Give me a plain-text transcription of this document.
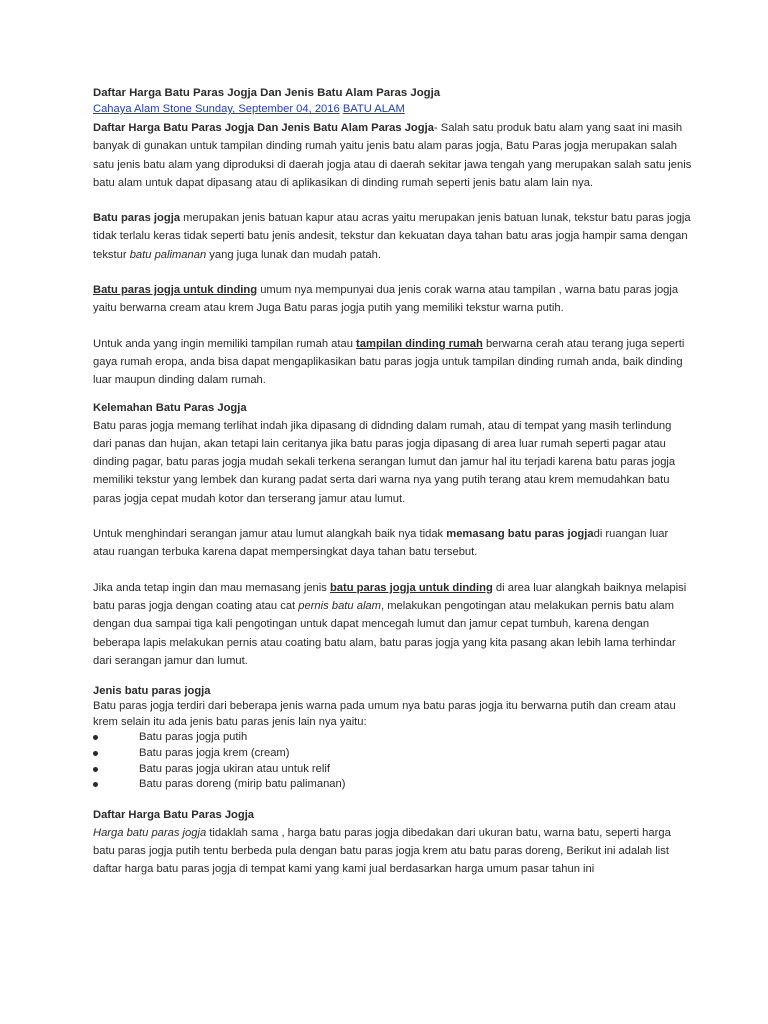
Daftar Harga Batu Paras Jogja Dan Jenis Batu Alam Paras Jogja

Cahaya Alam Stone Sunday, September 04, 2016 BATU ALAM

Daftar Harga Batu Paras Jogja Dan Jenis Batu Alam Paras Jogja- Salah satu produk batu alam yang saat ini masih banyak di gunakan untuk tampilan dinding rumah yaitu jenis batu alam paras jogja, Batu Paras jogja merupakan salah satu jenis batu alam yang diproduksi di daerah jogja atau di daerah sekitar jawa tengah yang merupakan salah satu jenis batu alam untuk dapat dipasang atau di aplikasikan di dinding rumah seperti jenis batu alam lain nya.

Batu paras jogja merupakan jenis batuan kapur atau acras yaitu merupakan jenis batuan lunak, tekstur batu paras jogja tidak terlalu keras tidak seperti batu jenis andesit, tekstur dan kekuatan daya tahan batu aras jogja hampir sama dengan tekstur batu palimanan yang juga lunak dan mudah patah.

Batu paras jogja untuk dinding umum nya mempunyai dua jenis corak warna atau tampilan , warna batu paras jogja yaitu berwarna cream atau krem Juga Batu paras jogja putih yang memiliki tekstur warna putih.

Untuk anda yang ingin memiliki tampilan rumah atau tampilan dinding rumah berwarna cerah atau terang juga seperti gaya rumah eropa, anda bisa dapat mengaplikasikan batu paras jogja untuk tampilan dinding rumah anda, baik dinding luar maupun dinding dalam rumah.

Kelemahan Batu Paras Jogja

Batu paras jogja memang terlihat indah jika dipasang di didnding dalam rumah, atau di tempat yang masih terlindung dari panas dan hujan, akan tetapi lain ceritanya jika batu paras jogja dipasang di area luar rumah seperti pagar atau dinding pagar, batu paras jogja mudah sekali terkena serangan lumut dan jamur hal itu terjadi karena batu paras jogja memiliki tekstur yang lembek dan kurang padat serta dari warna nya yang putih terang atau krem memudahkan batu paras jogja cepat mudah kotor dan terserang jamur atau lumut.

Untuk menghindari serangan jamur atau lumut alangkah baik nya tidak memasang batu paras jogjadi ruangan luar atau ruangan terbuka karena dapat mempersingkat daya tahan batu tersebut.

Jika anda tetap ingin dan mau memasang jenis batu paras jogja untuk dinding di area luar alangkah baiknya melapisi batu paras jogja dengan coating atau cat pernis batu alam, melakukan pengotingan atau melakukan pernis batu alam dengan dua sampai tiga kali pengotingan untuk dapat mencegah lumut dan jamur cepat tumbuh, karena dengan beberapa lapis melakukan pernis atau coating batu alam, batu paras jogja yang kita pasang akan lebih lama terhindar dari serangan jamur dan lumut.

Jenis batu paras jogja

Batu paras jogja terdiri dari beberapa jenis warna pada umum nya batu paras jogja itu berwarna putih dan cream atau krem selain itu ada jenis batu paras jenis lain nya yaitu:

Batu paras jogja putih
Batu paras jogja krem (cream)
Batu paras jogja ukiran atau untuk relif
Batu paras doreng (mirip batu palimanan)

Daftar Harga Batu Paras Jogja

Harga batu paras jogja tidaklah sama , harga batu paras jogja dibedakan dari ukuran batu, warna batu, seperti harga batu paras jogja putih tentu berbeda pula dengan batu paras jogja krem atu batu paras doreng, Berikut ini adalah list daftar harga batu paras jogja di tempat kami yang kami jual berdasarkan harga umum pasar tahun ini
